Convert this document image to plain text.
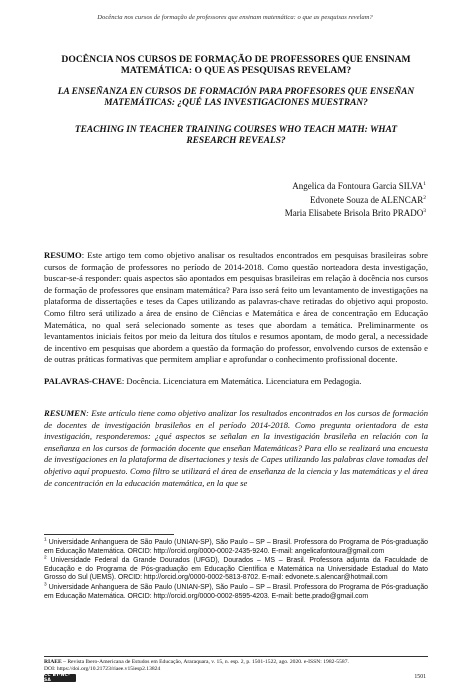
Docência nos cursos de formação de professores que ensinam matemática: o que as pesquisas revelam?
DOCÊNCIA NOS CURSOS DE FORMAÇÃO DE PROFESSORES QUE ENSINAM MATEMÁTICA: O QUE AS PESQUISAS REVELAM?
LA ENSEÑANZA EN CURSOS DE FORMACIÓN PARA PROFESORES QUE ENSEÑAN MATEMÁTICAS: ¿QUÉ LAS INVESTIGACIONES MUESTRAN?
TEACHING IN TEACHER TRAINING COURSES WHO TEACH MATH: WHAT RESEARCH REVEALS?
Angelica da Fontoura Garcia SILVA$^1$
Edvonete Souza de ALENCAR$^2$
Maria Elisabete Brisola Brito PRADO$^3$
RESUMO: Este artigo tem como objetivo analisar os resultados encontrados em pesquisas brasileiras sobre cursos de formação de professores no período de 2014-2018. Como questão norteadora desta investigação, buscar-se-á responder: quais aspectos são apontados em pesquisas brasileiras em relação à docência nos cursos de formação de professores que ensinam matemática? Para isso será feito um levantamento de investigações na plataforma de dissertações e teses da Capes utilizando as palavras-chave retiradas do objetivo aqui proposto. Como filtro será utilizado a área de ensino de Ciências e Matemática e área de concentração em Educação Matemática, no qual será selecionado somente as teses que abordam a temática. Preliminarmente os levantamentos iniciais feitos por meio da leitura dos títulos e resumos apontam, de modo geral, a necessidade de incentivo em pesquisas que abordem a questão da formação do professor, envolvendo cursos de extensão e de outras práticas formativas que permitem ampliar e aprofundar o conhecimento profissional docente.
PALAVRAS-CHAVE: Docência. Licenciatura em Matemática. Licenciatura em Pedagogia.
RESUMEN: Este artículo tiene como objetivo analizar los resultados encontrados en los cursos de formación de docentes de investigación brasileños en el período 2014-2018. Como pregunta orientadora de esta investigación, responderemos: ¿qué aspectos se señalan en la investigación brasileña en relación con la enseñanza en los cursos de formación docente que enseñan Matemáticas? Para ello se realizará una encuesta de investigaciones en la plataforma de disertaciones y tesis de Capes utilizando las palabras clave tomadas del objetivo aquí propuesto. Como filtro se utilizará el área de enseñanza de la ciencia y las matemáticas y el área de concentración en la educación matemática, en la que se
$^1$ Universidade Anhanguera de São Paulo (UNIAN-SP), São Paulo – SP – Brasil. Professora do Programa de Pós-graduação em Educação Matemática. ORCID: http://orcid.org/0000-0002-2435-9240. E-mail: angelicafontoura@gmail.com
$^2$ Universidade Federal da Grande Dourados (UFGD), Dourados – MS – Brasil. Professora adjunta da Faculdade de Educação e do Programa de Pós-graduação em Educação Científica e Matemática na Universidade Estadual do Mato Grosso do Sul (UEMS). ORCID: http://orcid.org/0000-0002-5813-8702. E-mail: edvonete.s.alencar@hotmail.com
$^3$ Universidade Anhanguera de São Paulo (UNIAN-SP), São Paulo – SP – Brasil. Professora do Programa de Pós-graduação em Educação Matemática. ORCID: http://orcid.org/0000-0002-8595-4203. E-mail: bette.prado@gmail.com
RIAEE – Revista Ibero-Americana de Estudos em Educação, Araraquara, v. 15, n. esp. 2, p. 1501-1522, ago. 2020. e-ISSN: 1982-5587.
DOI: https://doi.org/10.21723/riaee.v15iesp2.13824
CC BY-NC-SA
1501
